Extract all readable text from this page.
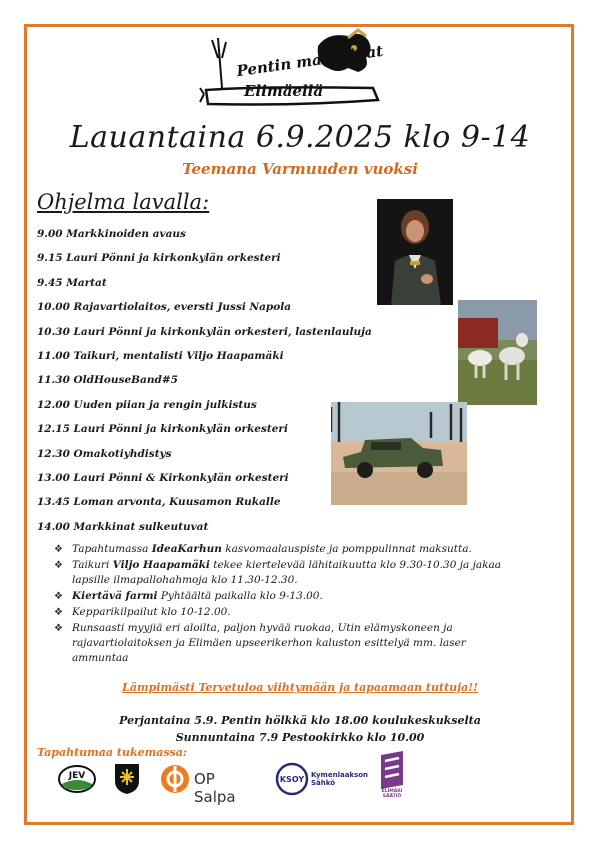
Pentin markkinat
Elimäellä
Lauantaina 6.9.2025 klo 9-14
Teemana Varmuuden vuoksi
Ohjelma lavalla:
9.00 Markkinoiden avaus
9.15 Lauri Pönni ja kirkonkylän orkesteri
9.45 Martat
10.00 Rajavartiolaitos, eversti Jussi Napola
10.30 Lauri Pönni ja kirkonkylän orkesteri, lastenlauluja
11.00 Taikuri, mentalisti Viljo Haapamäki
11.30 OldHouseBand#5
12.00 Uuden piian ja rengin julkistus
12.15 Lauri Pönni ja kirkonkylän orkesteri
12.30 Omakotiyhdistys
13.00 Lauri Pönni & Kirkonkylän orkesteri
13.45 Loman arvonta, Kuusamon Rukalle
14.00 Markkinat sulkeutuvat
❖ Tapahtumassa IdeaKarhun kasvomaalauspiste ja pomppulinnat maksutta.
❖ Taikuri Viljo Haapamäki tekee kiertelevää lähitaikuutta klo 9.30-10.30 ja jakaa lapsille ilmapallohahmoja klo 11.30-12.30.
❖ Kiertävä farmi Pyhtäältä paikalla klo 9-13.00.
❖ Kepparikilpailut klo 10-12.00.
❖ Runsaasti myyjiä eri aloilta, paljon hyvää ruokaa, Utin elämyskoneen ja rajavartiolaitoksen ja Elimäen upseerikerhon kaluston esittelyä mm. laser ammuntaa
Lämpimästi Tervetuloa viihtymään ja tapaamaan tuttuja!!
Perjantaina 5.9. Pentin hölkkä klo 18.00 koulukeskukselta
Sunnuntaina 7.9 Pestookirkko klo 10.00
Tapahtumaa tukemassa:
JEV	OP Salpa
KSOY Kymenlaakson
Sähkö
ELIMÄKI
SÄÄTIÖ
